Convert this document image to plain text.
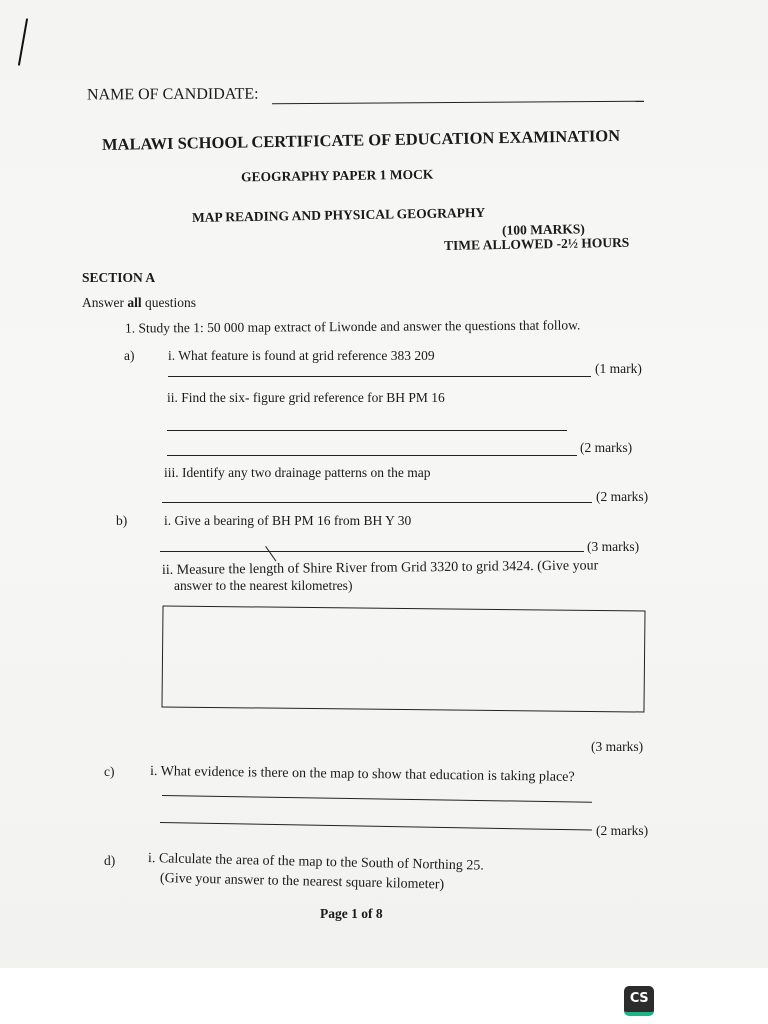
NAME OF CANDIDATE:
MALAWI SCHOOL CERTIFICATE OF EDUCATION EXAMINATION
GEOGRAPHY PAPER 1 MOCK
MAP READING AND PHYSICAL GEOGRAPHY
(100 MARKS)
TIME ALLOWED -2½ HOURS
SECTION A
Answer all questions
1. Study the 1: 50 000 map extract of Liwonde and answer the questions that follow.
a) i. What feature is found at grid reference 383 209
(1 mark)
ii. Find the six- figure grid reference for BH PM 16
(2 marks)
iii. Identify any two drainage patterns on the map
(2 marks)
b)	i. Give a bearing of BH PM 16 from BH Y 30
(3 marks)
ii. Measure the length of Shire River from Grid 3320 to grid 3424. (Give your
answer to the nearest kilometres)
(3 marks)
c)	i. What evidence is there on the map to show that education is taking place?
(2 marks)
d) i. Calculate the area of the map to the South of Northing 25.
(Give your answer to the nearest square kilometer)
Page 1 of 8
CS
